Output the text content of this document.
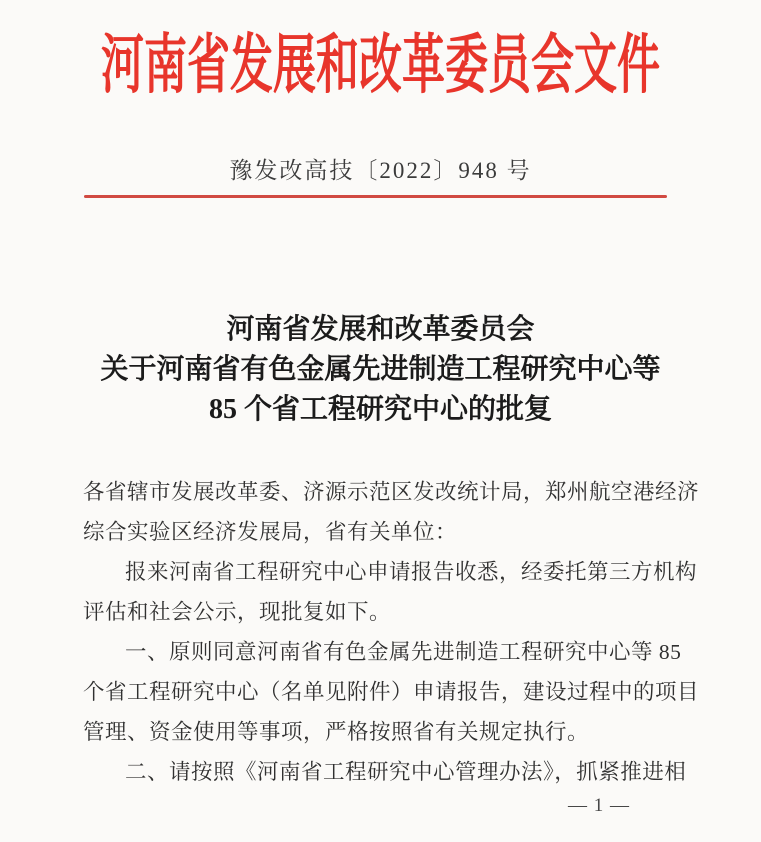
河南省发展和改革委员会文件
豫发改高技〔2022〕948 号
河南省发展和改革委员会
关于河南省有色金属先进制造工程研究中心等
85 个省工程研究中心的批复

各省辖市发展改革委、济源示范区发改统计局，郑州航空港经济
综合实验区经济发展局，省有关单位：

报来河南省工程研究中心申请报告收悉，经委托第三方机构
评估和社会公示，现批复如下。

一、原则同意河南省有色金属先进制造工程研究中心等 85
个省工程研究中心（名单见附件）申请报告，建设过程中的项目
管理、资金使用等事项，严格按照省有关规定执行。

二、请按照《河南省工程研究中心管理办法》，抓紧推进相

— 1 —
